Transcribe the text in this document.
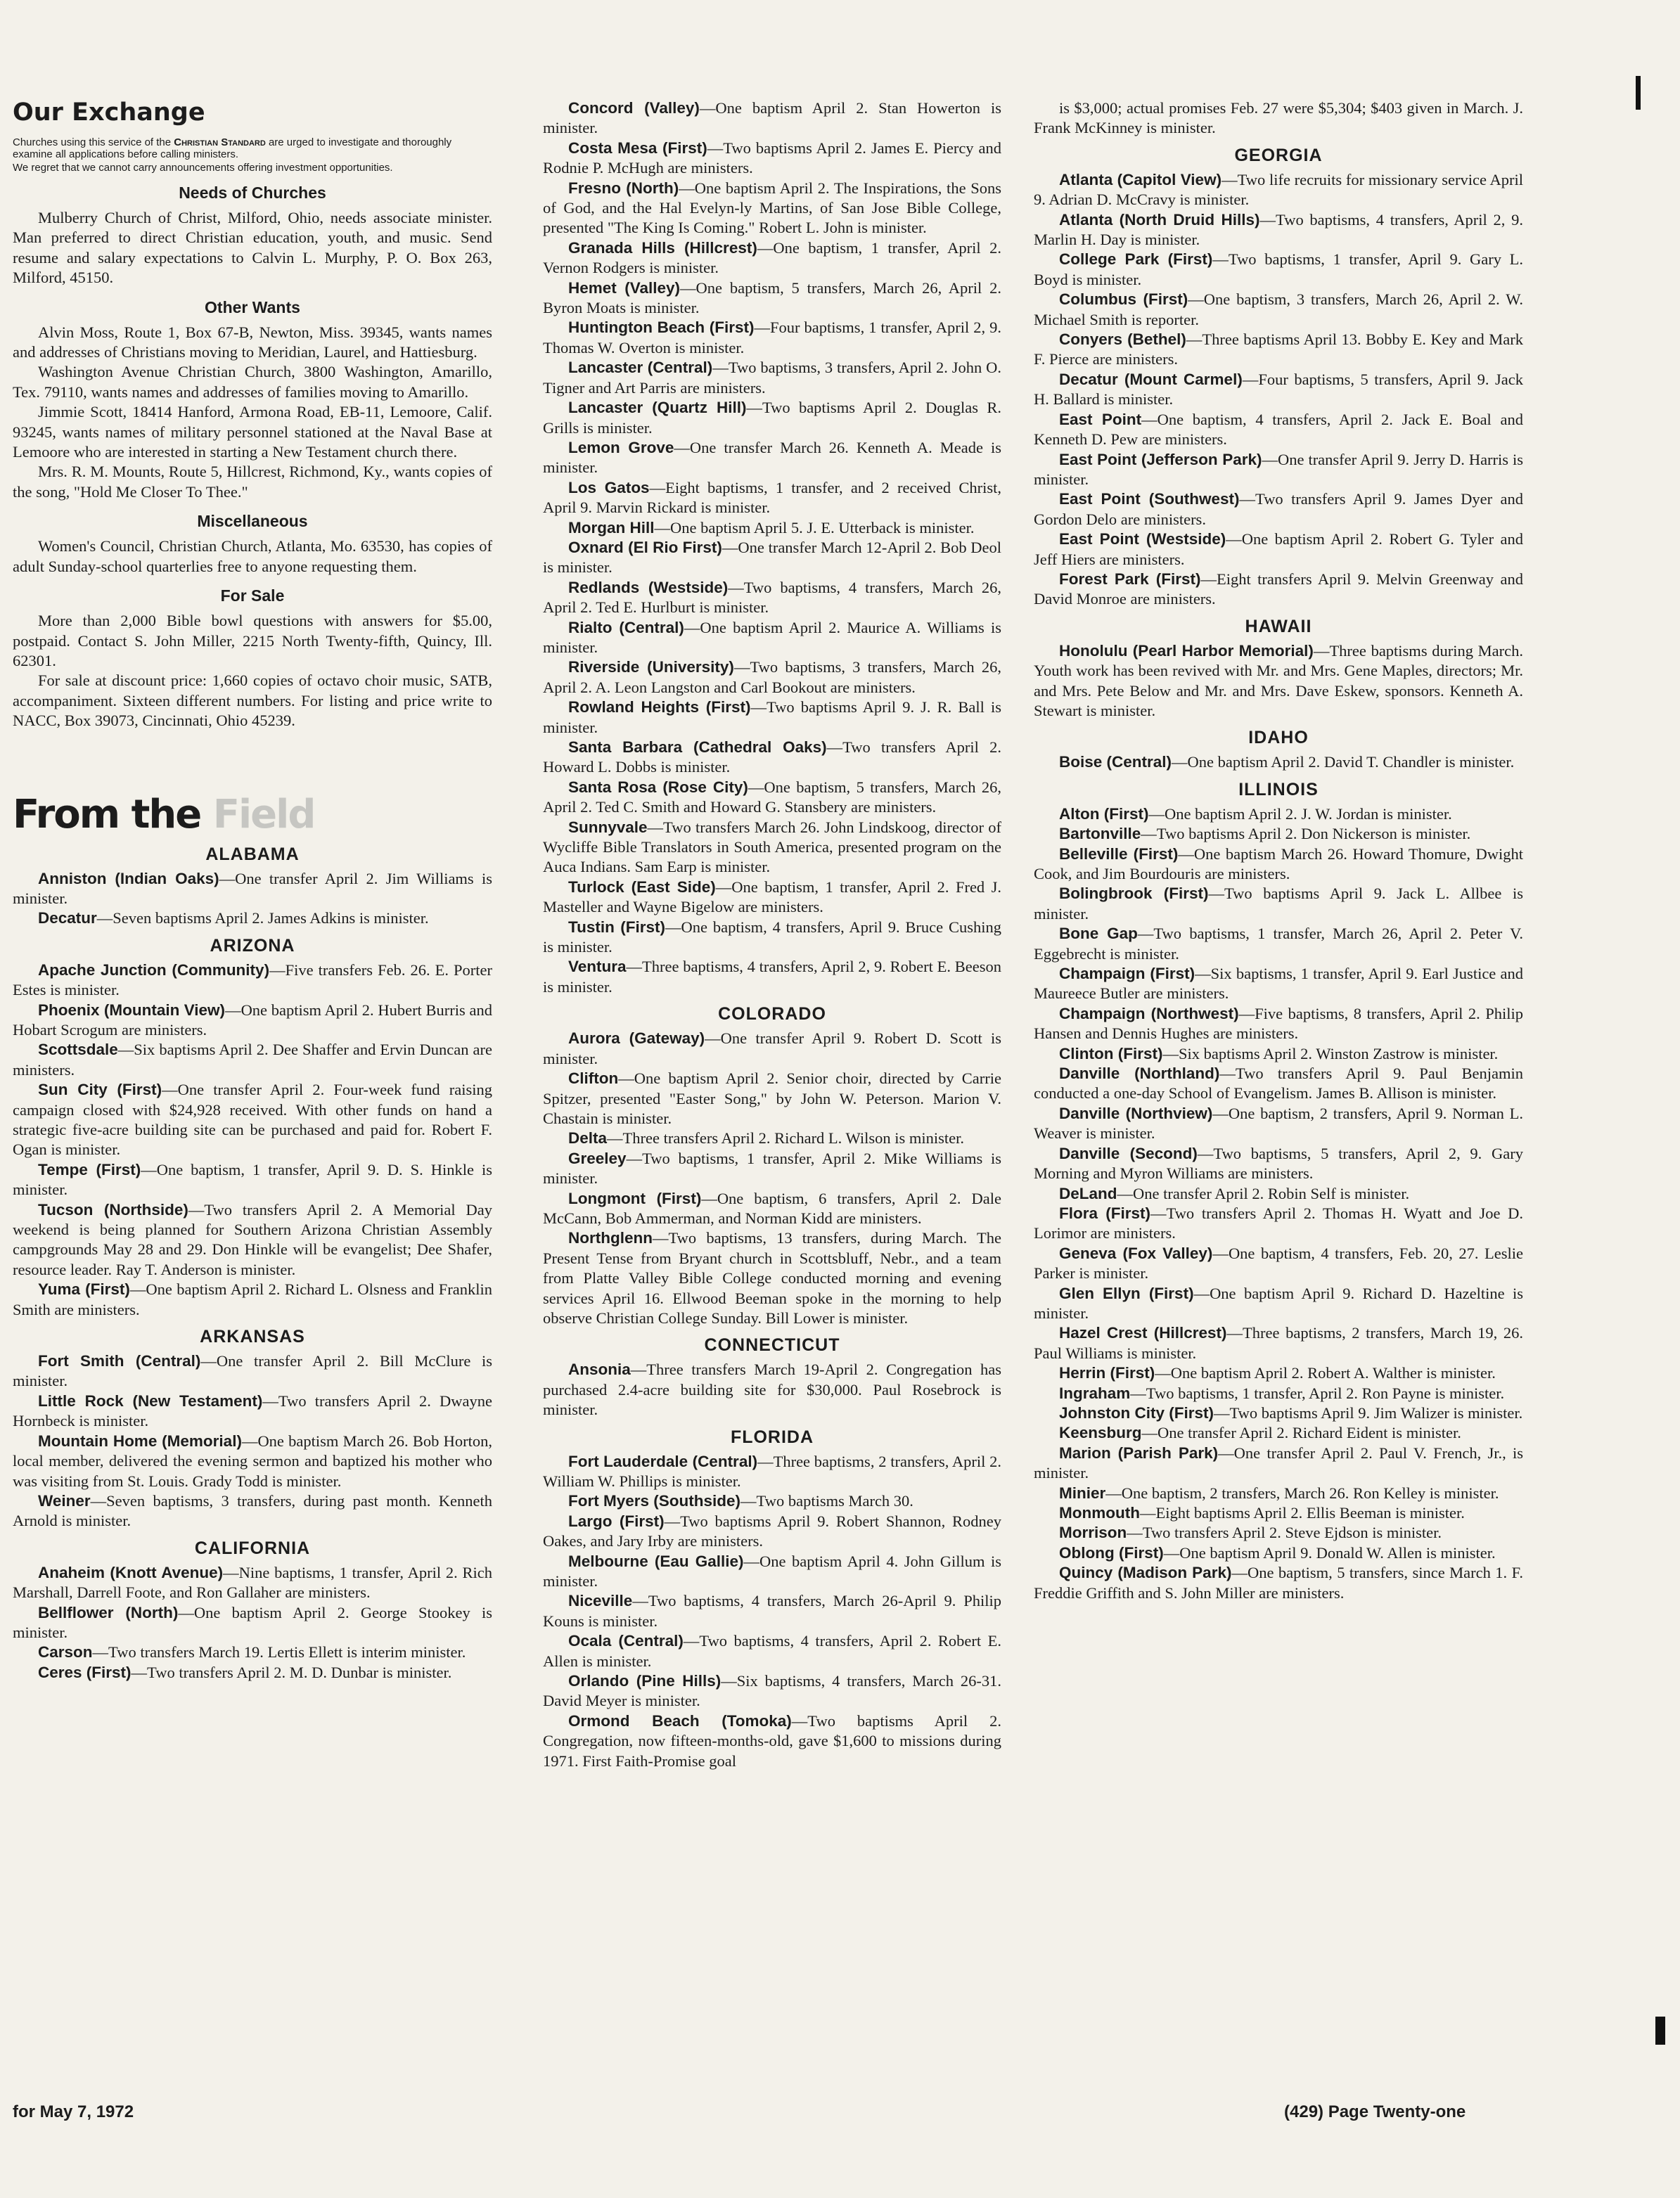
Our Exchange
Churches using this service of the Christian Standard are urged to investigate and thoroughly examine all applications before calling ministers.
We regret that we cannot carry announcements offering investment opportunities.
Needs of Churches

Mulberry Church of Christ, Milford, Ohio, needs associate minister. Man preferred to direct Christian education, youth, and music. Send resume and salary expectations to Calvin L. Murphy, P. O. Box 263, Milford, 45150.

Other Wants

Alvin Moss, Route 1, Box 67-B, Newton, Miss. 39345, wants names and addresses of Christians moving to Meridian, Laurel, and Hattiesburg.

Washington Avenue Christian Church, 3800 Washington, Amarillo, Tex. 79110, wants names and addresses of families moving to Amarillo.

Jimmie Scott, 18414 Hanford, Armona Road, EB-11, Lemoore, Calif. 93245, wants names of military personnel stationed at the Naval Base at Lemoore who are interested in starting a New Testament church there.

Mrs. R. M. Mounts, Route 5, Hillcrest, Richmond, Ky., wants copies of the song, "Hold Me Closer To Thee."

Miscellaneous

Women's Council, Christian Church, Atlanta, Mo. 63530, has copies of adult Sunday-school quarterlies free to anyone requesting them.

For Sale

More than 2,000 Bible bowl questions with answers for $5.00, postpaid. Contact S. John Miller, 2215 North Twenty-fifth, Quincy, Ill. 62301.

For sale at discount price: 1,660 copies of octavo choir music, SATB, accompaniment. Sixteen different numbers. For listing and price write to NACC, Box 39073, Cincinnati, Ohio 45239.

From the Field
ALABAMA

Anniston (Indian Oaks)—One transfer April 2. Jim Williams is minister.

Decatur—Seven baptisms April 2. James Adkins is minister.

ARIZONA

Apache Junction (Community)—Five transfers Feb. 26. E. Porter Estes is minister.

Phoenix (Mountain View)—One baptism April 2. Hubert Burris and Hobart Scrogum are ministers.

Scottsdale—Six baptisms April 2. Dee Shaffer and Ervin Duncan are ministers.

Sun City (First)—One transfer April 2. Four-week fund raising campaign closed with $24,928 received. With other funds on hand a strategic five-acre building site can be purchased and paid for. Robert F. Ogan is minister.

Tempe (First)—One baptism, 1 transfer, April 9. D. S. Hinkle is minister.

Tucson (Northside)—Two transfers April 2. A Memorial Day weekend is being planned for Southern Arizona Christian Assembly campgrounds May 28 and 29. Don Hinkle will be evangelist; Dee Shafer, resource leader. Ray T. Anderson is minister.

Yuma (First)—One baptism April 2. Richard L. Olsness and Franklin Smith are ministers.

ARKANSAS

Fort Smith (Central)—One transfer April 2. Bill McClure is minister.

Little Rock (New Testament)—Two transfers April 2. Dwayne Hornbeck is minister.

Mountain Home (Memorial)—One baptism March 26. Bob Horton, local member, delivered the evening sermon and baptized his mother who was visiting from St. Louis. Grady Todd is minister.

Weiner—Seven baptisms, 3 transfers, during past month. Kenneth Arnold is minister.

CALIFORNIA

Anaheim (Knott Avenue)—Nine baptisms, 1 transfer, April 2. Rich Marshall, Darrell Foote, and Ron Gallaher are ministers.

Bellflower (North)—One baptism April 2. George Stookey is minister.

Carson—Two transfers March 19. Lertis Ellett is interim minister.

Ceres (First)—Two transfers April 2. M. D. Dunbar is minister.

Concord (Valley)—One baptism April 2. Stan Howerton is minister.

Costa Mesa (First)—Two baptisms April 2. James E. Piercy and Rodnie P. McHugh are ministers.

Fresno (North)—One baptism April 2. The Inspirations, the Sons of God, and the Hal Evelyn-ly Martins, of San Jose Bible College, presented "The King Is Coming." Robert L. John is minister.

Granada Hills (Hillcrest)—One baptism, 1 transfer, April 2. Vernon Rodgers is minister.

Hemet (Valley)—One baptism, 5 transfers, March 26, April 2. Byron Moats is minister.

Huntington Beach (First)—Four baptisms, 1 transfer, April 2, 9. Thomas W. Overton is minister.

Lancaster (Central)—Two baptisms, 3 transfers, April 2. John O. Tigner and Art Parris are ministers.

Lancaster (Quartz Hill)—Two baptisms April 2. Douglas R. Grills is minister.

Lemon Grove—One transfer March 26. Kenneth A. Meade is minister.

Los Gatos—Eight baptisms, 1 transfer, and 2 received Christ, April 9. Marvin Rickard is minister.

Morgan Hill—One baptism April 5. J. E. Utterback is minister.

Oxnard (El Rio First)—One transfer March 12-April 2. Bob Deol is minister.

Redlands (Westside)—Two baptisms, 4 transfers, March 26, April 2. Ted E. Hurlburt is minister.

Rialto (Central)—One baptism April 2. Maurice A. Williams is minister.

Riverside (University)—Two baptisms, 3 transfers, March 26, April 2. A. Leon Langston and Carl Bookout are ministers.

Rowland Heights (First)—Two baptisms April 9. J. R. Ball is minister.

Santa Barbara (Cathedral Oaks)—Two transfers April 2. Howard L. Dobbs is minister.

Santa Rosa (Rose City)—One baptism, 5 transfers, March 26, April 2. Ted C. Smith and Howard G. Stansbery are ministers.

Sunnyvale—Two transfers March 26. John Lindskoog, director of Wycliffe Bible Translators in South America, presented program on the Auca Indians. Sam Earp is minister.

Turlock (East Side)—One baptism, 1 transfer, April 2. Fred J. Masteller and Wayne Bigelow are ministers.

Tustin (First)—One baptism, 4 transfers, April 9. Bruce Cushing is minister.

Ventura—Three baptisms, 4 transfers, April 2, 9. Robert E. Beeson is minister.

COLORADO

Aurora (Gateway)—One transfer April 9. Robert D. Scott is minister.

Clifton—One baptism April 2. Senior choir, directed by Carrie Spitzer, presented "Easter Song," by John W. Peterson. Marion V. Chastain is minister.

Delta—Three transfers April 2. Richard L. Wilson is minister.

Greeley—Two baptisms, 1 transfer, April 2. Mike Williams is minister.

Longmont (First)—One baptism, 6 transfers, April 2. Dale McCann, Bob Ammerman, and Norman Kidd are ministers.

Northglenn—Two baptisms, 13 transfers, during March. The Present Tense from Bryant church in Scottsbluff, Nebr., and a team from Platte Valley Bible College conducted morning and evening services April 16. Ellwood Beeman spoke in the morning to help observe Christian College Sunday. Bill Lower is minister.

CONNECTICUT

Ansonia—Three transfers March 19-April 2. Congregation has purchased 2.4-acre building site for $30,000. Paul Rosebrock is minister.

FLORIDA

Fort Lauderdale (Central)—Three baptisms, 2 transfers, April 2. William W. Phillips is minister.

Fort Myers (Southside)—Two baptisms March 30.

Largo (First)—Two baptisms April 9. Robert Shannon, Rodney Oakes, and Jary Irby are ministers.

Melbourne (Eau Gallie)—One baptism April 4. John Gillum is minister.

Niceville—Two baptisms, 4 transfers, March 26-April 9. Philip Kouns is minister.

Ocala (Central)—Two baptisms, 4 transfers, April 2. Robert E. Allen is minister.

Orlando (Pine Hills)—Six baptisms, 4 transfers, March 26-31. David Meyer is minister.

Ormond Beach (Tomoka)—Two baptisms April 2. Congregation, now fifteen-months-old, gave $1,600 to missions during 1971. First Faith-Promise goal

is $3,000; actual promises Feb. 27 were $5,304; $403 given in March. J. Frank McKinney is minister.

GEORGIA

Atlanta (Capitol View)—Two life recruits for missionary service April 9. Adrian D. McCravy is minister.

Atlanta (North Druid Hills)—Two baptisms, 4 transfers, April 2, 9. Marlin H. Day is minister.

College Park (First)—Two baptisms, 1 transfer, April 9. Gary L. Boyd is minister.

Columbus (First)—One baptism, 3 transfers, March 26, April 2. W. Michael Smith is reporter.

Conyers (Bethel)—Three baptisms April 13. Bobby E. Key and Mark F. Pierce are ministers.

Decatur (Mount Carmel)—Four baptisms, 5 transfers, April 9. Jack H. Ballard is minister.

East Point—One baptism, 4 transfers, April 2. Jack E. Boal and Kenneth D. Pew are ministers.

East Point (Jefferson Park)—One transfer April 9. Jerry D. Harris is minister.

East Point (Southwest)—Two transfers April 9. James Dyer and Gordon Delo are ministers.

East Point (Westside)—One baptism April 2. Robert G. Tyler and Jeff Hiers are ministers.

Forest Park (First)—Eight transfers April 9. Melvin Greenway and David Monroe are ministers.

HAWAII

Honolulu (Pearl Harbor Memorial)—Three baptisms during March. Youth work has been revived with Mr. and Mrs. Gene Maples, directors; Mr. and Mrs. Pete Below and Mr. and Mrs. Dave Eskew, sponsors. Kenneth A. Stewart is minister.

IDAHO

Boise (Central)—One baptism April 2. David T. Chandler is minister.

ILLINOIS

Alton (First)—One baptism April 2. J. W. Jordan is minister.

Bartonville—Two baptisms April 2. Don Nickerson is minister.

Belleville (First)—One baptism March 26. Howard Thomure, Dwight Cook, and Jim Bourdouris are ministers.

Bolingbrook (First)—Two baptisms April 9. Jack L. Allbee is minister.

Bone Gap—Two baptisms, 1 transfer, March 26, April 2. Peter V. Eggebrecht is minister.

Champaign (First)—Six baptisms, 1 transfer, April 9. Earl Justice and Maureece Butler are ministers.

Champaign (Northwest)—Five baptisms, 8 transfers, April 2. Philip Hansen and Dennis Hughes are ministers.

Clinton (First)—Six baptisms April 2. Winston Zastrow is minister.

Danville (Northland)—Two transfers April 9. Paul Benjamin conducted a one-day School of Evangelism. James B. Allison is minister.

Danville (Northview)—One baptism, 2 transfers, April 9. Norman L. Weaver is minister.

Danville (Second)—Two baptisms, 5 transfers, April 2, 9. Gary Morning and Myron Williams are ministers.

DeLand—One transfer April 2. Robin Self is minister.

Flora (First)—Two transfers April 2. Thomas H. Wyatt and Joe D. Lorimor are ministers.

Geneva (Fox Valley)—One baptism, 4 transfers, Feb. 20, 27. Leslie Parker is minister.

Glen Ellyn (First)—One baptism April 9. Richard D. Hazeltine is minister.

Hazel Crest (Hillcrest)—Three baptisms, 2 transfers, March 19, 26. Paul Williams is minister.

Herrin (First)—One baptism April 2. Robert A. Walther is minister.

Ingraham—Two baptisms, 1 transfer, April 2. Ron Payne is minister.

Johnston City (First)—Two baptisms April 9. Jim Walizer is minister.

Keensburg—One transfer April 2. Richard Eident is minister.

Marion (Parish Park)—One transfer April 2. Paul V. French, Jr., is minister.

Minier—One baptism, 2 transfers, March 26. Ron Kelley is minister.

Monmouth—Eight baptisms April 2. Ellis Beeman is minister.

Morrison—Two transfers April 2. Steve Ejdson is minister.

Oblong (First)—One baptism April 9. Donald W. Allen is minister.

Quincy (Madison Park)—One baptism, 5 transfers, since March 1. F. Freddie Griffith and S. John Miller are ministers.

for May 7, 1972	(429) Page Twenty-one
